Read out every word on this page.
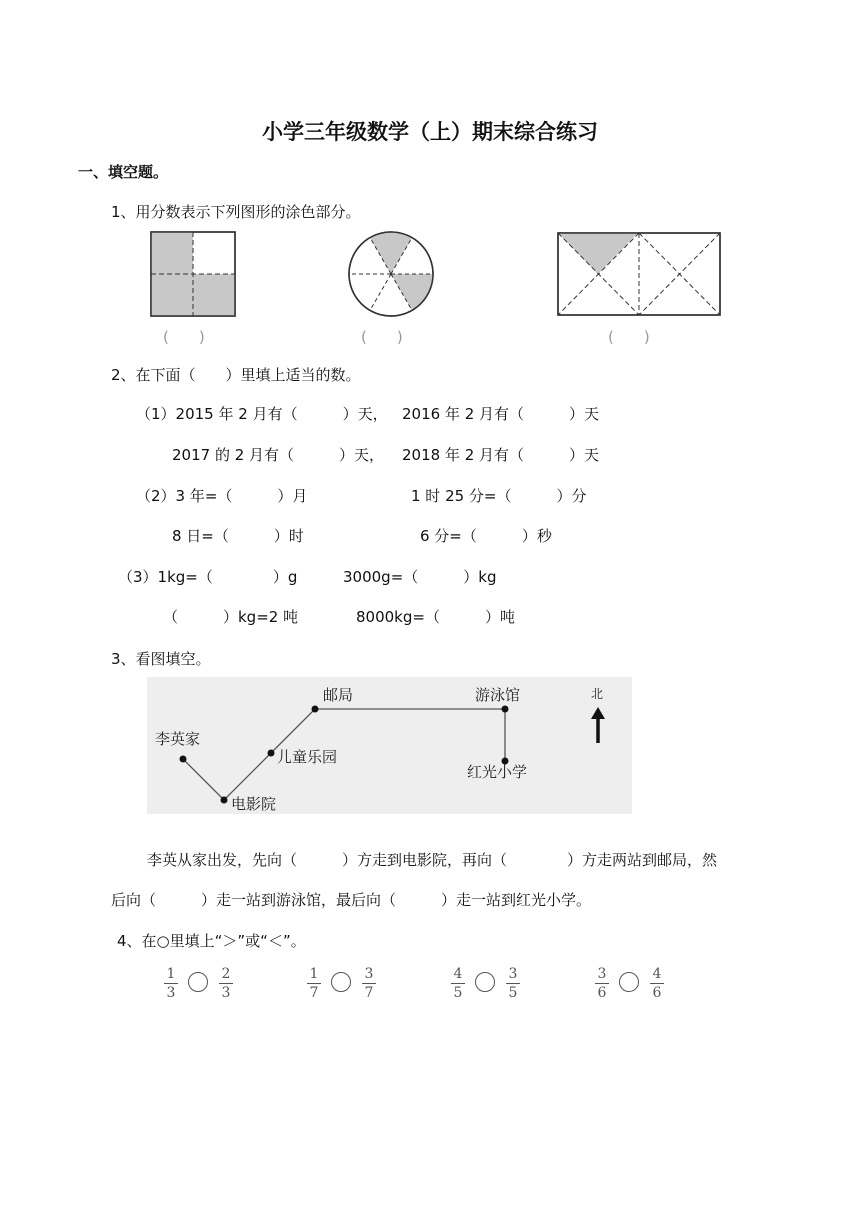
小学三年级数学（上）期末综合练习
一、填空题。
1、用分数表示下列图形的涂色部分。
(　　)	(　　)	(　　)
2、在下面（　　）里填上适当的数。
（1）2015 年 2 月有（　　　）天， 2016 年 2 月有（　　　）天
2017 的 2 月有（　　　）天， 2018 年 2 月有（　　　）天
（2）3 年=（　　　）月	1 时 25 分=（　　　）分
8 日=（　　　）时	6 分=（　　　）秒
（3）1kg=（　　　　）g	3000g=（　　　）kg
（　　　）kg=2 吨	8000kg=（　　　）吨
3、看图填空。
李英家
电影院
儿童乐园
邮局	游泳馆
红光小学
北
李英从家出发，先向（　　　）方走到电影院，再向（　　　　）方走两站到邮局，然
后向（　　　）走一站到游泳馆，最后向（　　　）走一站到红光小学。
4、在○里填上“＞”或“＜”。
1
3
2
3
1
7
3
7
4
5
3
5
3
6
4
6
